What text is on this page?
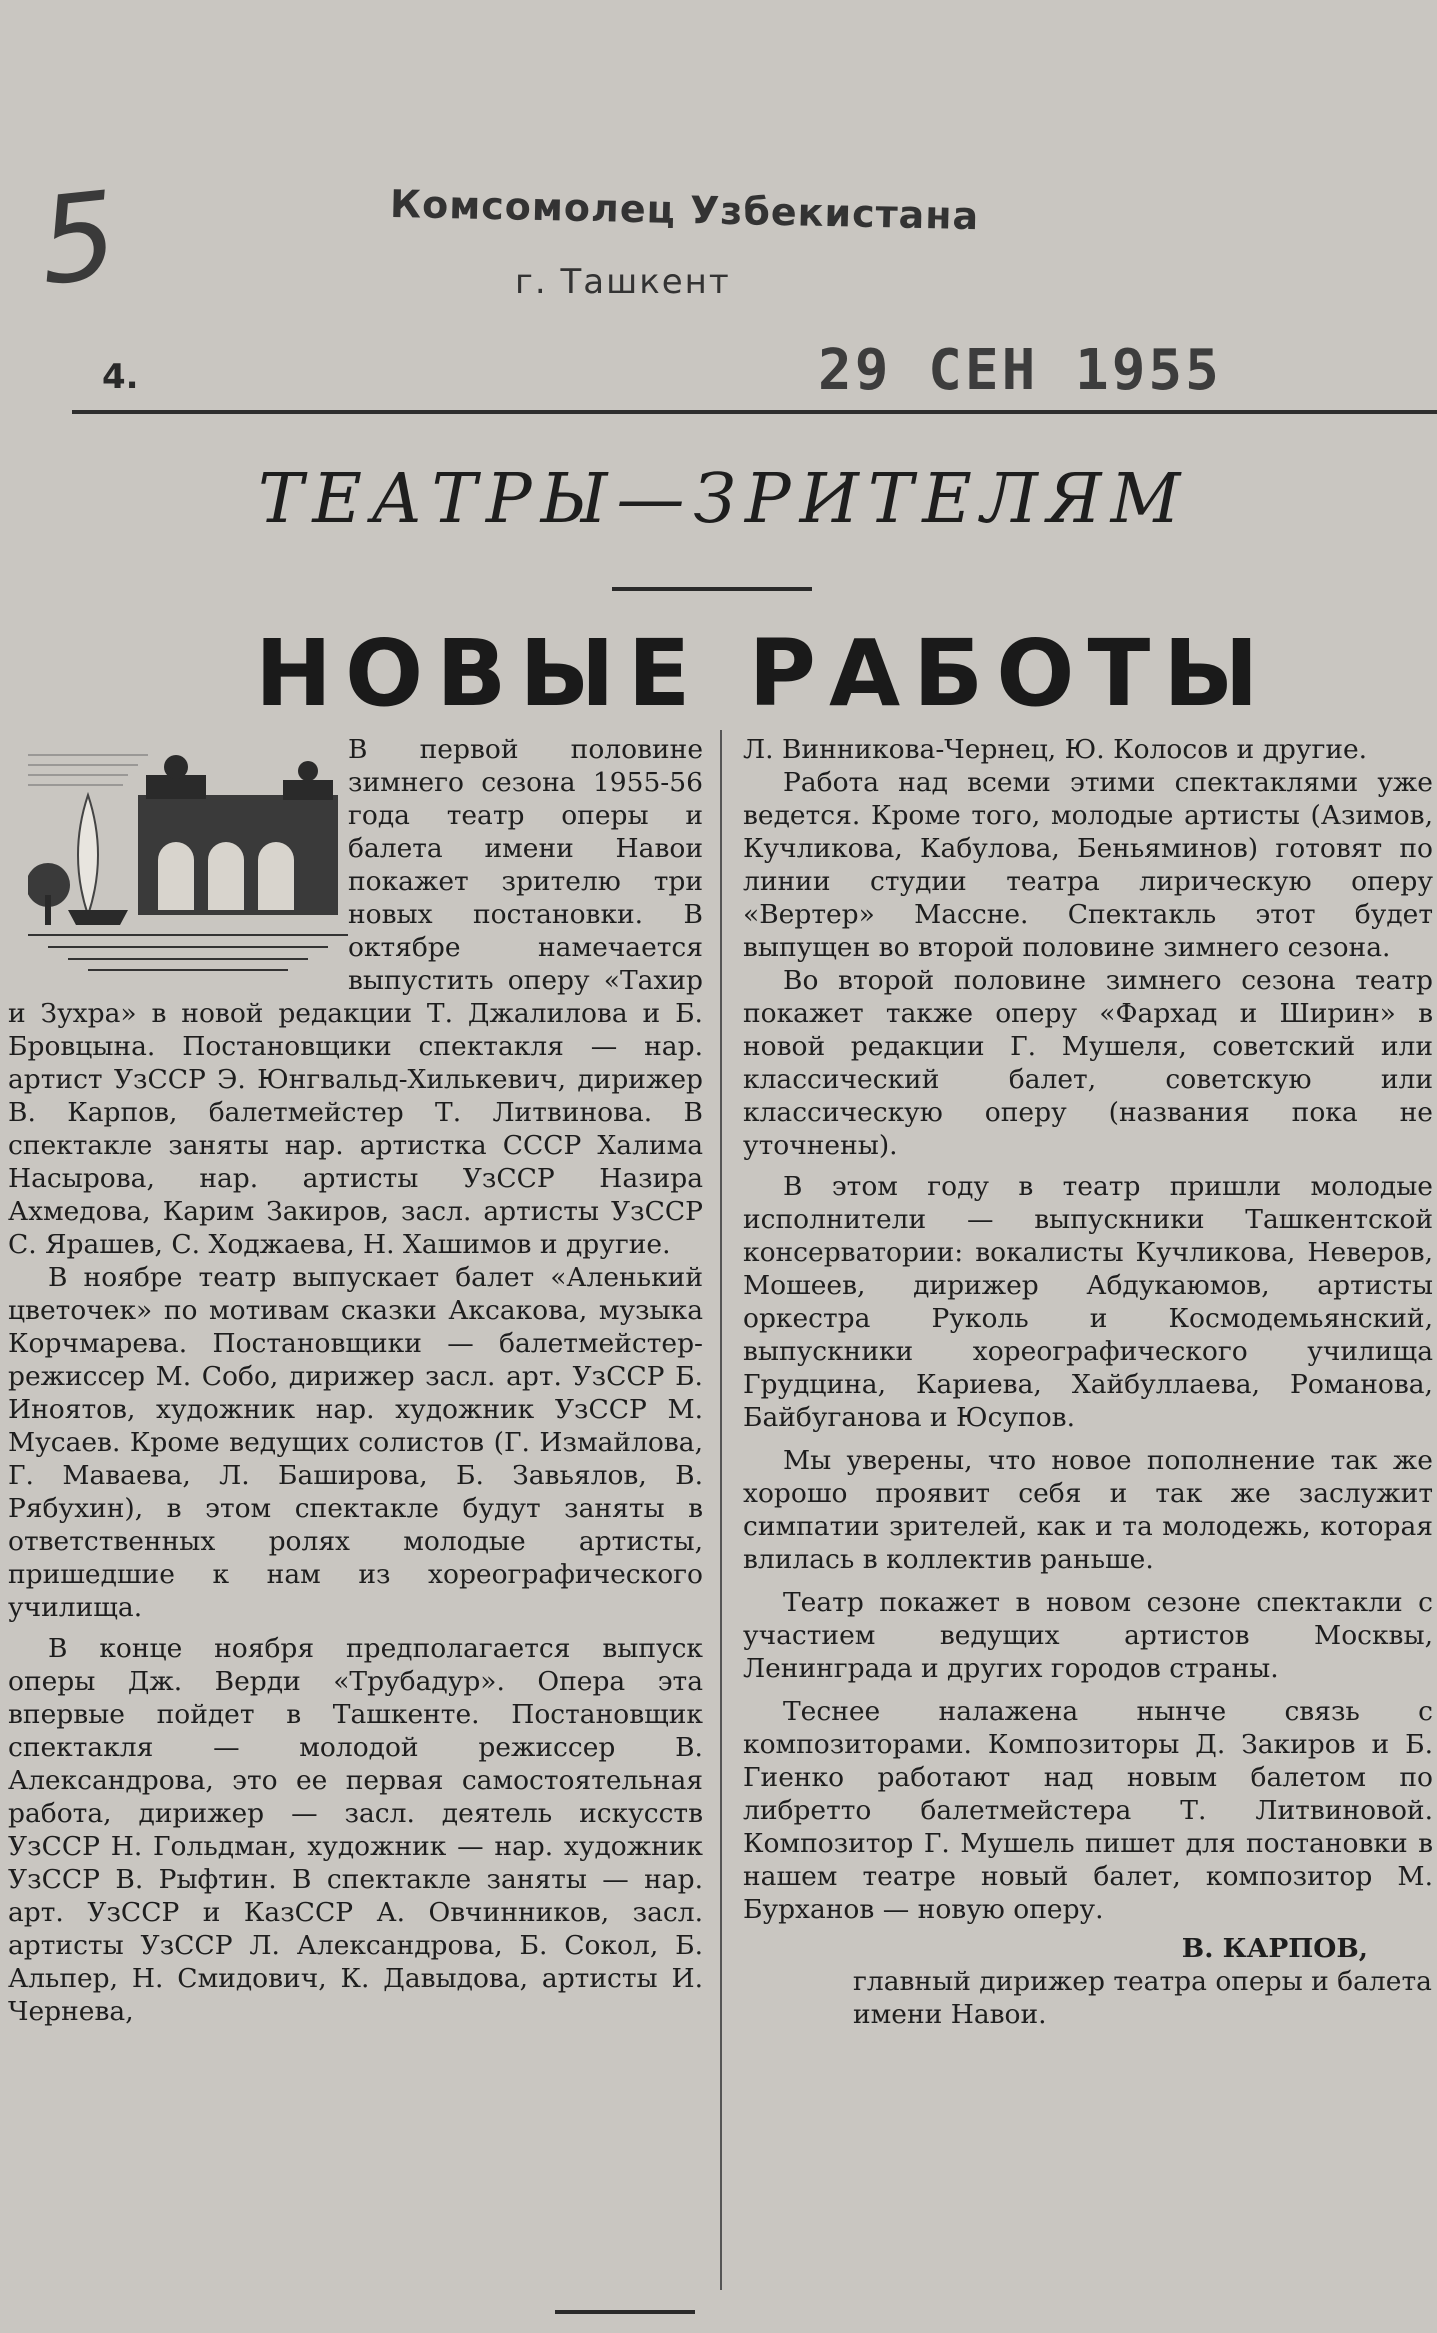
5	Комсомолец Узбекистана
г. Ташкент
4.	29 СЕН 1955
ТЕАТРЫ—ЗРИТЕЛЯМ
НОВЫЕ РАБОТЫ

В первой половине зимнего сезона 1955-56 года театр оперы и балета имени Навои покажет зрителю три новых постановки. В октябре намечается выпустить оперу «Тахир и Зухра» в новой редакции Т. Джалилова и Б. Бровцына. Постановщики спектакля — нар. артист УзССР Э. Юнгвальд-Хилькевич, дирижер В. Карпов, балетмейстер Т. Литвинова. В спектакле заняты нар. артистка СССР Халима Насырова, нар. артисты УзССР Назира Ахмедова, Карим Закиров, засл. артисты УзССР С. Ярашев, С. Ходжаева, Н. Хашимов и другие.

В ноябре театр выпускает балет «Аленький цветочек» по мотивам сказки Аксакова, музыка Корчмарева. Постановщики — балетмейстер-режиссер М. Собо, дирижер засл. арт. УзССР Б. Иноятов, художник нар. художник УзССР М. Мусаев. Кроме ведущих солистов (Г. Измайлова, Г. Маваева, Л. Баширова, Б. Завьялов, В. Рябухин), в этом спектакле будут заняты в ответственных ролях молодые артисты, пришедшие к нам из хореографического училища.

В конце ноября предполагается выпуск оперы Дж. Верди «Трубадур». Опера эта впервые пойдет в Ташкенте. Постановщик спектакля — молодой режиссер В. Александрова, это ее первая самостоятельная работа, дирижер — засл. деятель искусств УзССР Н. Гольдман, художник — нар. художник УзССР В. Рыфтин. В спектакле заняты — нар. арт. УзССР и КазССР А. Овчинников, засл. артисты УзССР Л. Александрова, Б. Сокол, Б. Альпер, Н. Смидович, К. Давыдова, артисты И. Чернева,

Л. Винникова-Чернец, Ю. Колосов и другие.

Работа над всеми этими спектаклями уже ведется. Кроме того, молодые артисты (Азимов, Кучликова, Кабулова, Беньяминов) готовят по линии студии театра лирическую оперу «Вертер» Массне. Спектакль этот будет выпущен во второй половине зимнего сезона.

Во второй половине зимнего сезона театр покажет также оперу «Фархад и Ширин» в новой редакции Г. Мушеля, советский или классический балет, советскую или классическую оперу (названия пока не уточнены).

В этом году в театр пришли молодые исполнители — выпускники Ташкентской консерватории: вокалисты Кучликова, Неверов, Мошеев, дирижер Абдукаюмов, артисты оркестра Руколь и Космодемьянский, выпускники хореографического училища Грудцина, Кариева, Хайбуллаева, Романова, Байбуганова и Юсупов.

Мы уверены, что новое пополнение так же хорошо проявит себя и так же заслужит симпатии зрителей, как и та молодежь, которая влилась в коллектив раньше.

Театр покажет в новом сезоне спектакли с участием ведущих артистов Москвы, Ленинграда и других городов страны.

Теснее налажена нынче связь с композиторами. Композиторы Д. Закиров и Б. Гиенко работают над новым балетом по либретто балетмейстера Т. Литвиновой. Композитор Г. Мушель пишет для постановки в нашем театре новый балет, композитор М. Бурханов — новую оперу.

В. КАРПОВ,

главный дирижер театра оперы и балета имени Навои.
